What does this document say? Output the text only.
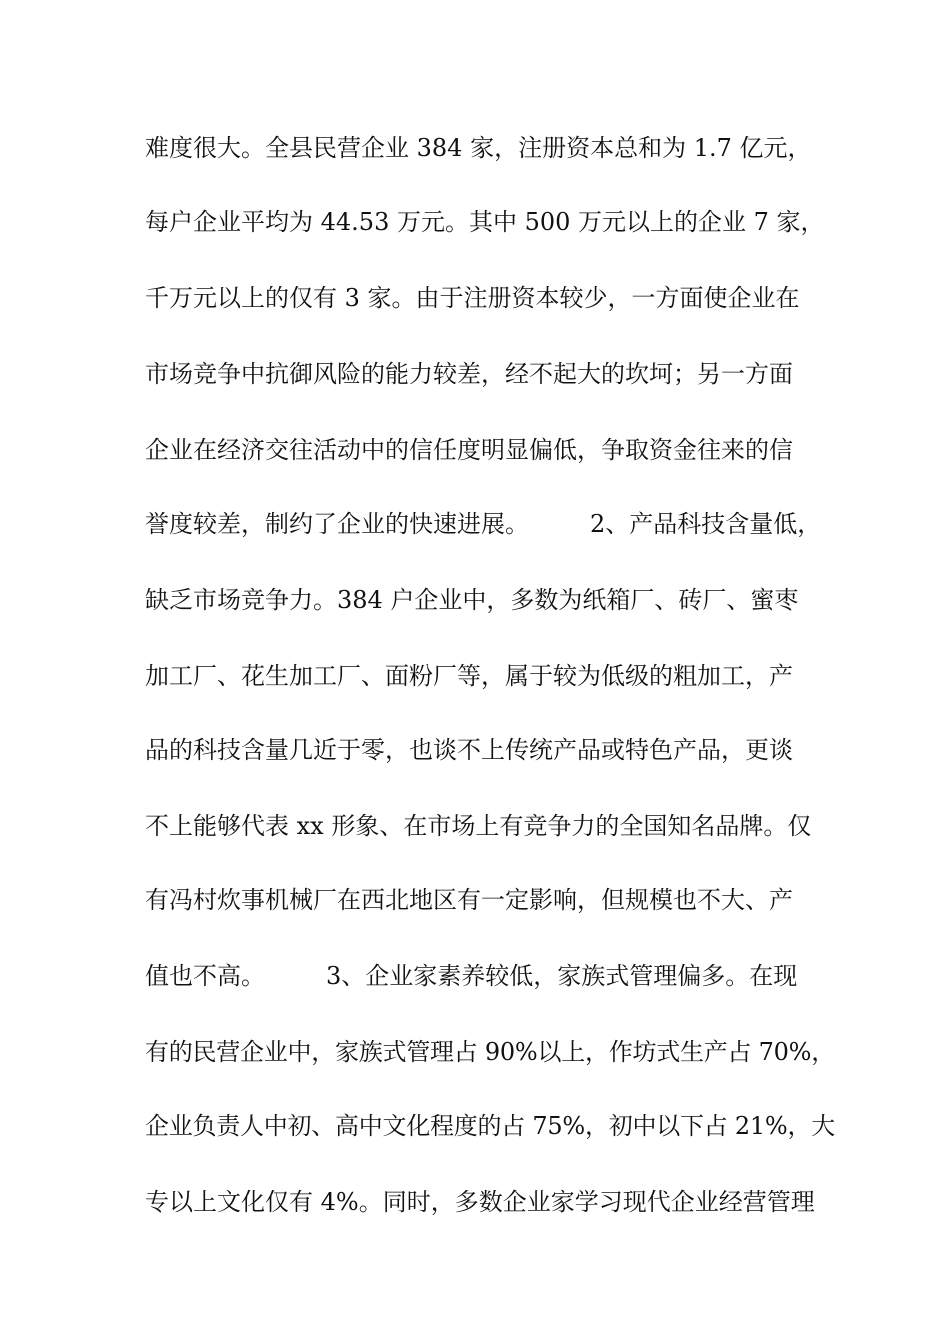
难度很大。全县民营企业 384 家，注册资本总和为 1.7 亿元，
每户企业平均为 44.53 万元。其中 500 万元以上的企业 7 家，
千万元以上的仅有 3 家。由于注册资本较少，一方面使企业在
市场竞争中抗御风险的能力较差，经不起大的坎坷；另一方面
企业在经济交往活动中的信任度明显偏低，争取资金往来的信
誉度较差，制约了企业的快速进展。        2、产品科技含量低，
缺乏市场竞争力。384 户企业中，多数为纸箱厂、砖厂、蜜枣
加工厂、花生加工厂、面粉厂等，属于较为低级的粗加工，产
品的科技含量几近于零，也谈不上传统产品或特色产品，更谈
不上能够代表 xx 形象、在市场上有竞争力的全国知名品牌。仅
有冯村炊事机械厂在西北地区有一定影响，但规模也不大、产
值也不高。        3、企业家素养较低，家族式管理偏多。在现
有的民营企业中，家族式管理占 90%以上，作坊式生产占 70%，
企业负责人中初、高中文化程度的占 75%，初中以下占 21%，大
专以上文化仅有 4%。同时，多数企业家学习现代企业经营管理
